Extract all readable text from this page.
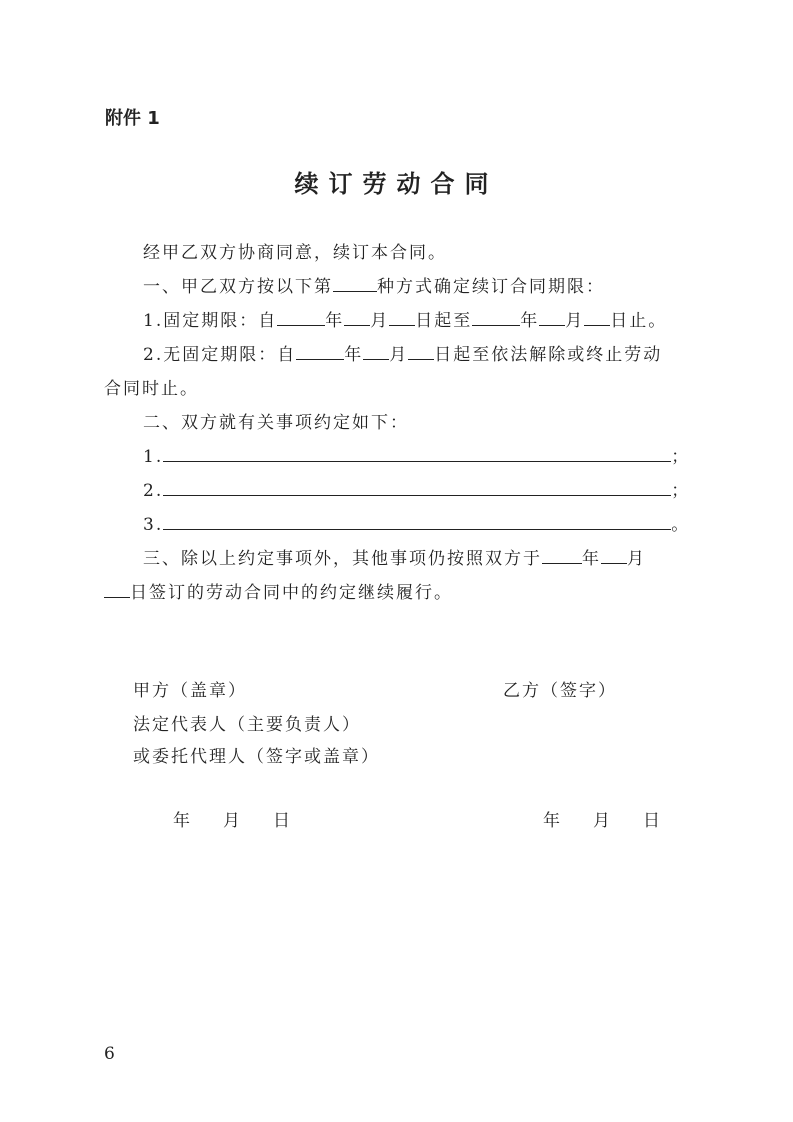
附件 1
续订劳动合同
经甲乙双方协商同意，续订本合同。
一、甲乙双方按以下第	种方式确定续订合同期限：
1.固定期限：自	年 月 日起至	年 月 日止。
2.无固定期限：自	年 月 日起至依法解除或终止劳动
合同时止。
二、双方就有关事项约定如下：
1.	；
2.	；
3.	。
三、除以上约定事项外，其他事项仍按照双方于 年 月
日签订的劳动合同中的约定继续履行。
甲方（盖章）	乙方（签字）
法定代表人（主要负责人）
或委托代理人（签字或盖章）
年 月 日	年 月 日
6
